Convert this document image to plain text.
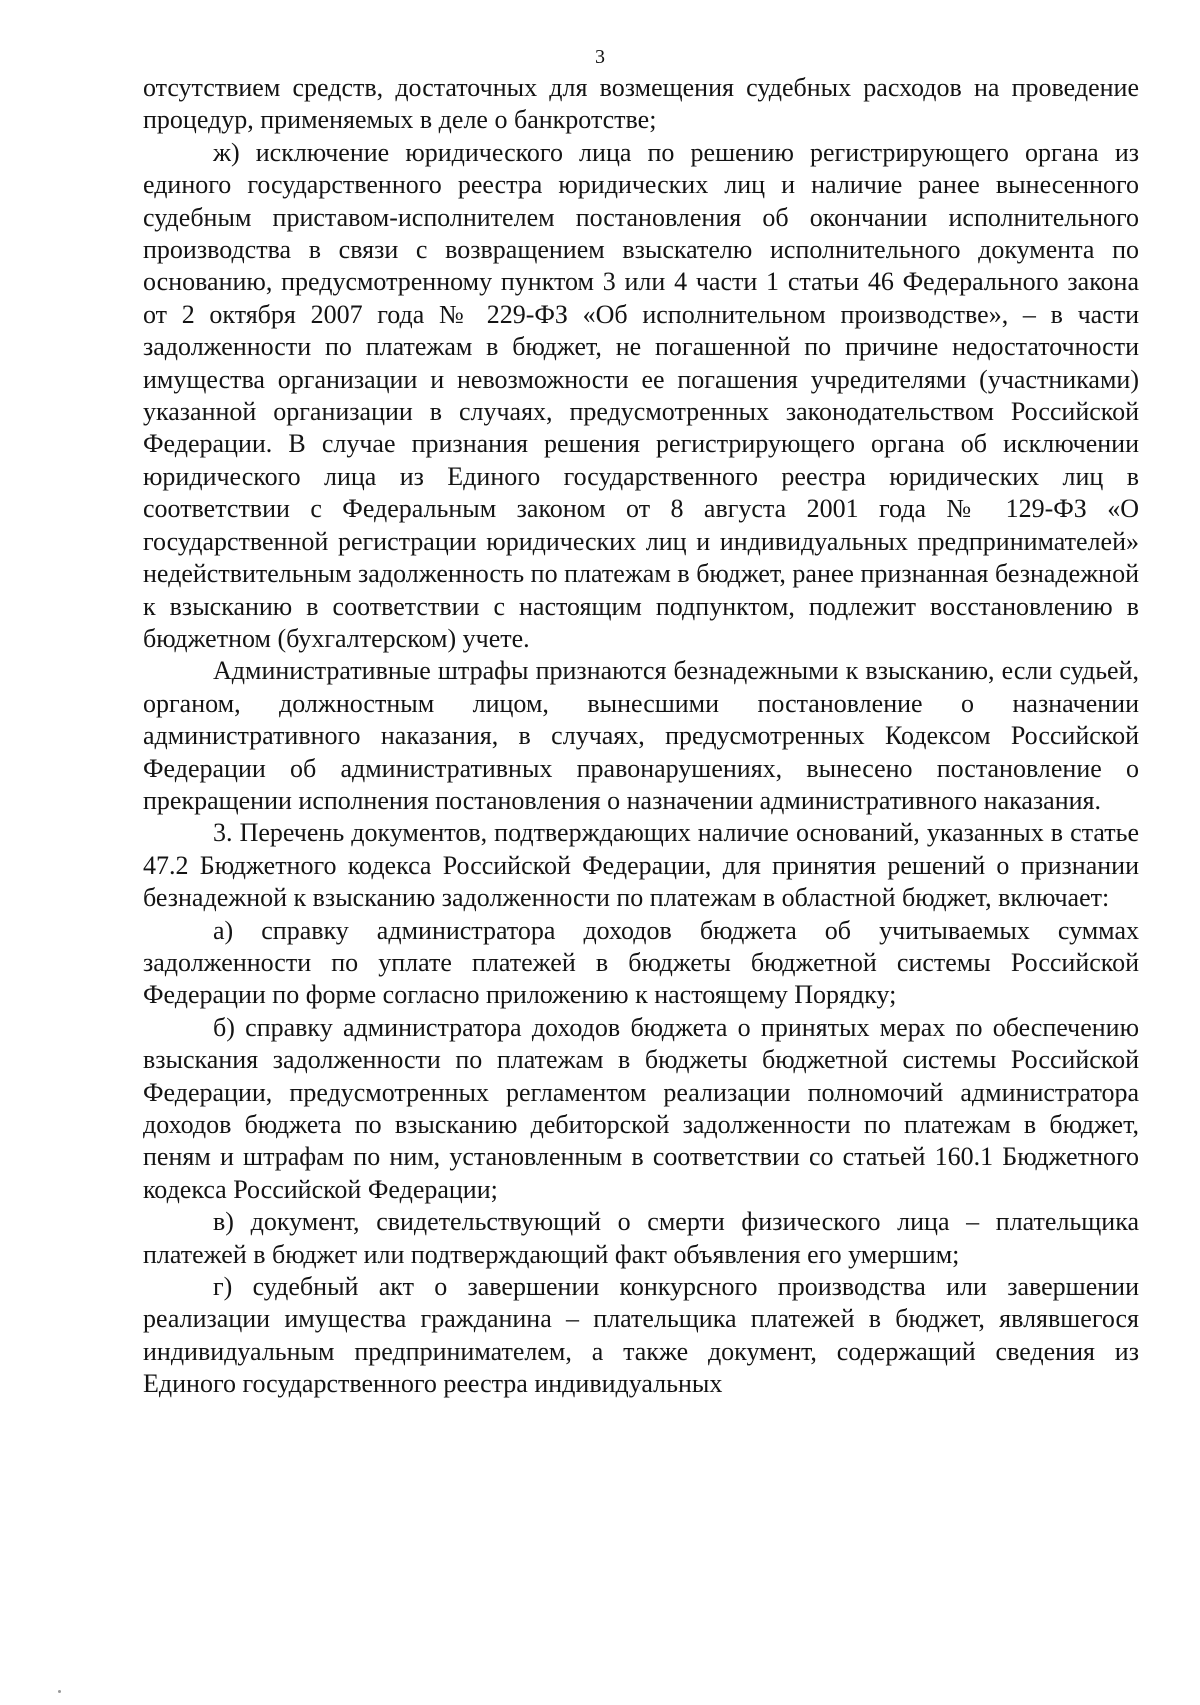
3

отсутствием средств, достаточных для возмещения судебных расходов на проведение процедур, применяемых в деле о банкротстве;

ж) исключение юридического лица по решению регистрирующего органа из единого государственного реестра юридических лиц и наличие ранее вынесенного судебным приставом-исполнителем постановления об окончании исполнительного производства в связи с возвращением взыскателю исполнительного документа по основанию, предусмотренному пунктом 3 или 4 части 1 статьи 46 Федерального закона от 2 октября 2007 года № 229-ФЗ «Об исполнительном производстве», – в части задолженности по платежам в бюджет, не погашенной по причине недостаточности имущества организации и невозможности ее погашения учредителями (участниками) указанной организации в случаях, предусмотренных законодательством Российской Федерации. В случае признания решения регистрирующего органа об исключении юридического лица из Единого государственного реестра юридических лиц в соответствии с Федеральным законом от 8 августа 2001 года № 129-ФЗ «О государственной регистрации юридических лиц и индивидуальных предпринимателей» недействительным задолженность по платежам в бюджет, ранее признанная безнадежной к взысканию в соответствии с настоящим подпунктом, подлежит восстановлению в бюджетном (бухгалтерском) учете.

Административные штрафы признаются безнадежными к взысканию, если судьей, органом, должностным лицом, вынесшими постановление о назначении административного наказания, в случаях, предусмотренных Кодексом Российской Федерации об административных правонарушениях, вынесено постановление о прекращении исполнения постановления о назначении административного наказания.

3. Перечень документов, подтверждающих наличие оснований, указанных в статье 47.2 Бюджетного кодекса Российской Федерации, для принятия решений о признании безнадежной к взысканию задолженности по платежам в областной бюджет, включает:

а) справку администратора доходов бюджета об учитываемых суммах задолженности по уплате платежей в бюджеты бюджетной системы Российской Федерации по форме согласно приложению к настоящему Порядку;

б) справку администратора доходов бюджета о принятых мерах по обеспечению взыскания задолженности по платежам в бюджеты бюджетной системы Российской Федерации, предусмотренных регламентом реализации полномочий администратора доходов бюджета по взысканию дебиторской задолженности по платежам в бюджет, пеням и штрафам по ним, установленным в соответствии со статьей 160.1 Бюджетного кодекса Российской Федерации;

в) документ, свидетельствующий о смерти физического лица – плательщика платежей в бюджет или подтверждающий факт объявления его умершим;

г) судебный акт о завершении конкурсного производства или завершении реализации имущества гражданина – плательщика платежей в бюджет, являвшегося индивидуальным предпринимателем, а также документ, содержащий сведения из Единого государственного реестра индивидуальных
